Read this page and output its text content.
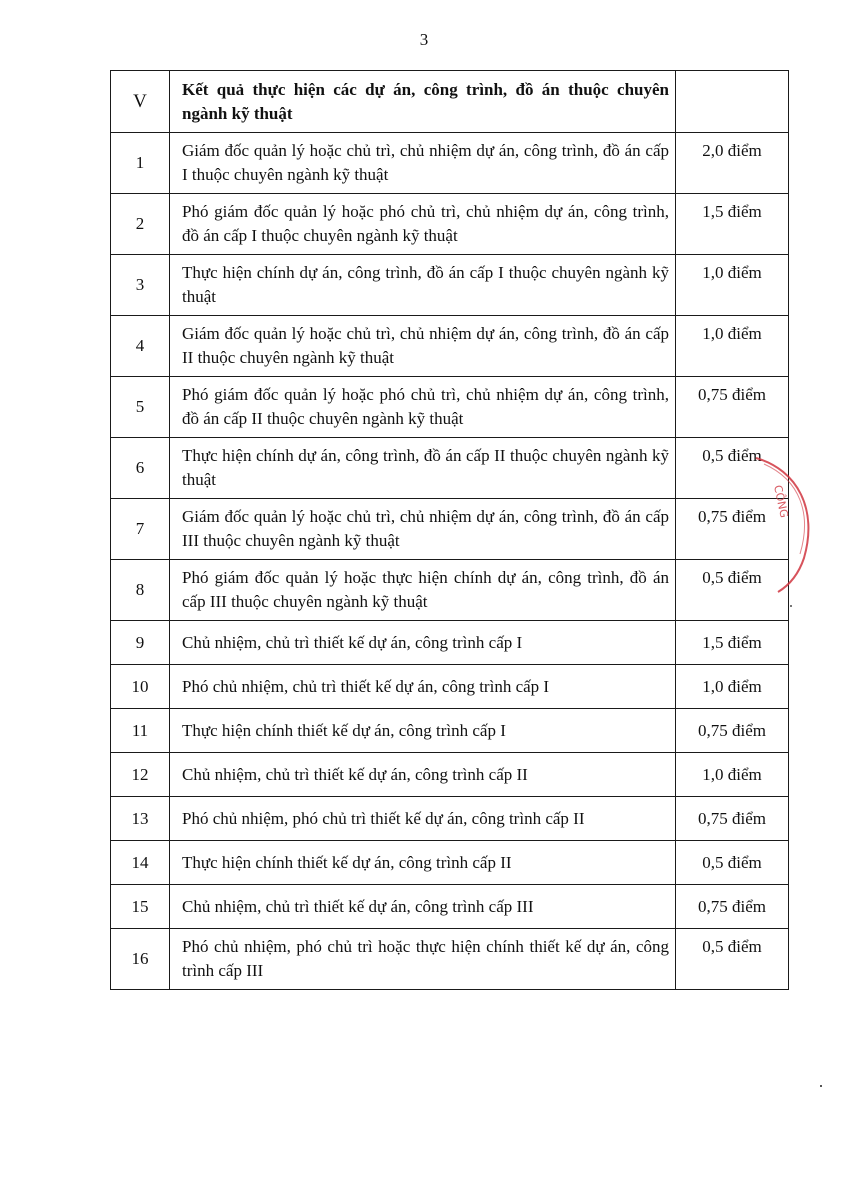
3
V	Kết quả thực hiện các dự án, công trình, đồ án thuộc chuyên ngành kỹ thuật	
1	Giám đốc quản lý hoặc chủ trì, chủ nhiệm dự án, công trình, đồ án cấp I thuộc chuyên ngành kỹ thuật	2,0 điểm
2	Phó giám đốc quản lý hoặc phó chủ trì, chủ nhiệm dự án, công trình, đồ án cấp I thuộc chuyên ngành kỹ thuật	1,5 điểm
3	Thực hiện chính dự án, công trình, đồ án cấp I thuộc chuyên ngành kỹ thuật	1,0 điểm
4	Giám đốc quản lý hoặc chủ trì, chủ nhiệm dự án, công trình, đồ án cấp II thuộc chuyên ngành kỹ thuật	1,0 điểm
5	Phó giám đốc quản lý hoặc phó chủ trì, chủ nhiệm dự án, công trình, đồ án cấp II thuộc chuyên ngành kỹ thuật	0,75 điểm
6	Thực hiện chính dự án, công trình, đồ án cấp II thuộc chuyên ngành kỹ thuật	0,5 điểm
7	Giám đốc quản lý hoặc chủ trì, chủ nhiệm dự án, công trình, đồ án cấp III thuộc chuyên ngành kỹ thuật	0,75 điểm
8	Phó giám đốc quản lý hoặc thực hiện chính dự án, công trình, đồ án cấp III thuộc chuyên ngành kỹ thuật	0,5 điểm
9	Chủ nhiệm, chủ trì thiết kế dự án, công trình cấp I	1,5 điểm
10	Phó chủ nhiệm, chủ trì thiết kế dự án, công trình cấp I	1,0 điểm
11	Thực hiện chính thiết kế dự án, công trình cấp I	0,75 điểm
12	Chủ nhiệm, chủ trì thiết kế dự án, công trình cấp II	1,0 điểm
13	Phó chủ nhiệm, phó chủ trì thiết kế dự án, công trình cấp II	0,75 điểm
14	Thực hiện chính thiết kế dự án, công trình cấp II	0,5 điểm
15	Chủ nhiệm, chủ trì thiết kế dự án, công trình cấp III	0,75 điểm
16	Phó chủ nhiệm, phó chủ trì hoặc thực hiện chính thiết kế dự án, công trình cấp III	0,5 điểm
CÔNG
